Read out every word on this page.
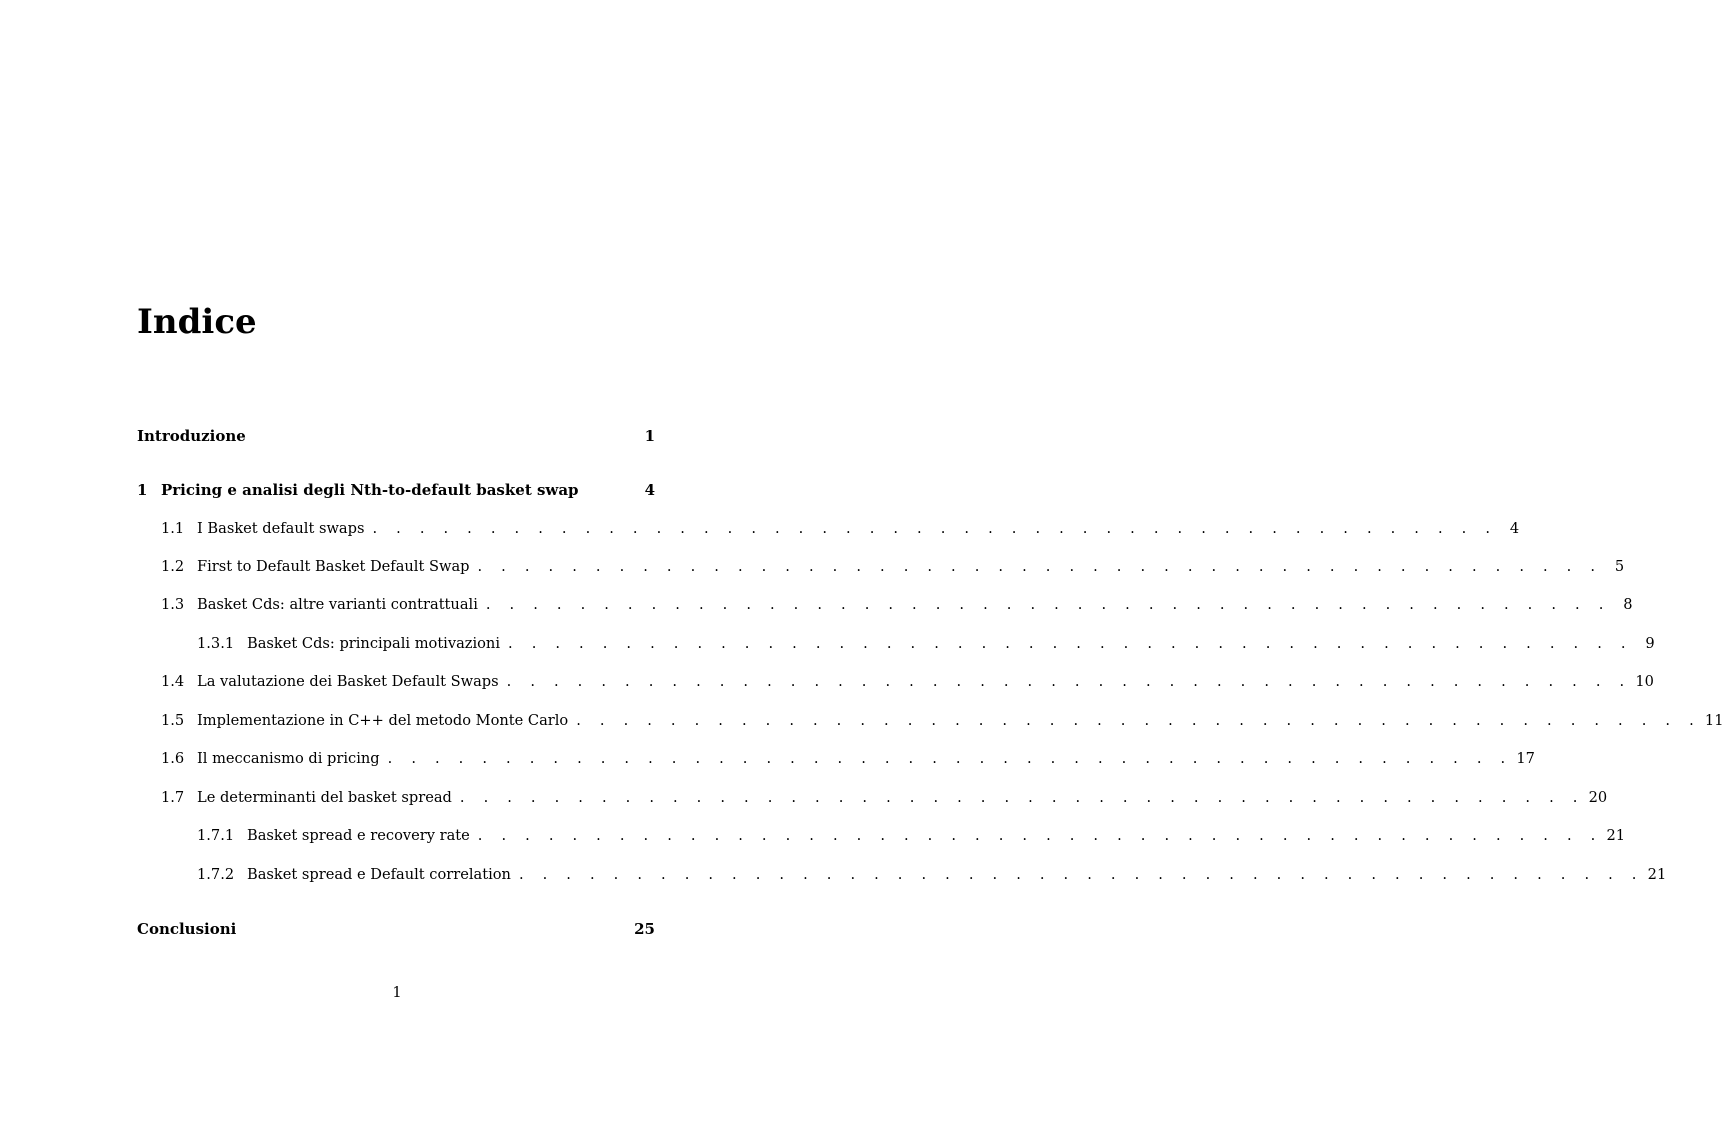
Indice
Introduzione	1
1 Pricing e analisi degli Nth-to-default basket swap	4
1.1 I Basket default swaps . . . . . . . . . . . . . . . . . . . . . . . . . . . . . . . . . . . . . . . . . . . . . . . . 4
1.2 First to Default Basket Default Swap . . . . . . . . . . . . . . . . . . . . . . . . . . . . . . . . . . . . . . . . . . . . . . . . 5
1.3 Basket Cds: altre varianti contrattuali . . . . . . . . . . . . . . . . . . . . . . . . . . . . . . . . . . . . . . . . . . . . . . . . 8
1.3.1 Basket Cds: principali motivazioni . . . . . . . . . . . . . . . . . . . . . . . . . . . . . . . . . . . . . . . . . . . . . . . . 9
1.4 La valutazione dei Basket Default Swaps . . . . . . . . . . . . . . . . . . . . . . . . . . . . . . . . . . . . . . . . . . . . . . . . 10
1.5 Implementazione in C++ del metodo Monte Carlo . . . . . . . . . . . . . . . . . . . . . . . . . . . . . . . . . . . . . . . . . . . . . . . . 11
1.6 Il meccanismo di pricing . . . . . . . . . . . . . . . . . . . . . . . . . . . . . . . . . . . . . . . . . . . . . . . . 17
1.7 Le determinanti del basket spread . . . . . . . . . . . . . . . . . . . . . . . . . . . . . . . . . . . . . . . . . . . . . . . . 20
1.7.1 Basket spread e recovery rate . . . . . . . . . . . . . . . . . . . . . . . . . . . . . . . . . . . . . . . . . . . . . . . . 21
1.7.2 Basket spread e Default correlation . . . . . . . . . . . . . . . . . . . . . . . . . . . . . . . . . . . . . . . . . . . . . . . . 21
Conclusioni	25
1
